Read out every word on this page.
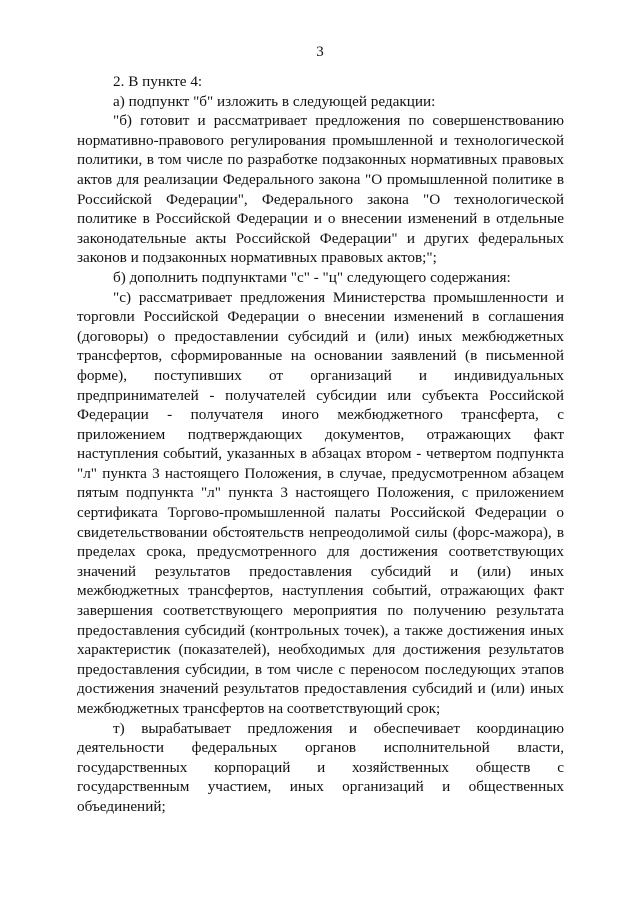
3

2. В пункте 4:

а) подпункт "б" изложить в следующей редакции:

"б) готовит и рассматривает предложения по совершенствованию нормативно-правового регулирования промышленной и технологической политики, в том числе по разработке подзаконных нормативных правовых актов для реализации Федерального закона "О промышленной политике в Российской Федерации", Федерального закона "О технологической политике в Российской Федерации и о внесении изменений в отдельные законодательные акты Российской Федерации" и других федеральных законов и подзаконных нормативных правовых актов;";

б) дополнить подпунктами "с" - "ц" следующего содержания:

"с) рассматривает предложения Министерства промышленности и торговли Российской Федерации о внесении изменений в соглашения (договоры) о предоставлении субсидий и (или) иных межбюджетных трансфертов, сформированные на основании заявлений (в письменной форме), поступивших от организаций и индивидуальных предпринимателей - получателей субсидии или субъекта Российской Федерации - получателя иного межбюджетного трансферта, с приложением подтверждающих документов, отражающих факт наступления событий, указанных в абзацах втором - четвертом подпункта "л" пункта 3 настоящего Положения, в случае, предусмотренном абзацем пятым подпункта "л" пункта 3 настоящего Положения, с приложением сертификата Торгово-промышленной палаты Российской Федерации о свидетельствовании обстоятельств непреодолимой силы (форс-мажора), в пределах срока, предусмотренного для достижения соответствующих значений результатов предоставления субсидий и (или) иных межбюджетных трансфертов, наступления событий, отражающих факт завершения соответствующего мероприятия по получению результата предоставления субсидий (контрольных точек), а также достижения иных характеристик (показателей), необходимых для достижения результатов предоставления субсидии, в том числе с переносом последующих этапов достижения значений результатов предоставления субсидий и (или) иных межбюджетных трансфертов на соответствующий срок;

т) вырабатывает предложения и обеспечивает координацию деятельности федеральных органов исполнительной власти, государственных корпораций и хозяйственных обществ с государственным участием, иных организаций и общественных объединений;
